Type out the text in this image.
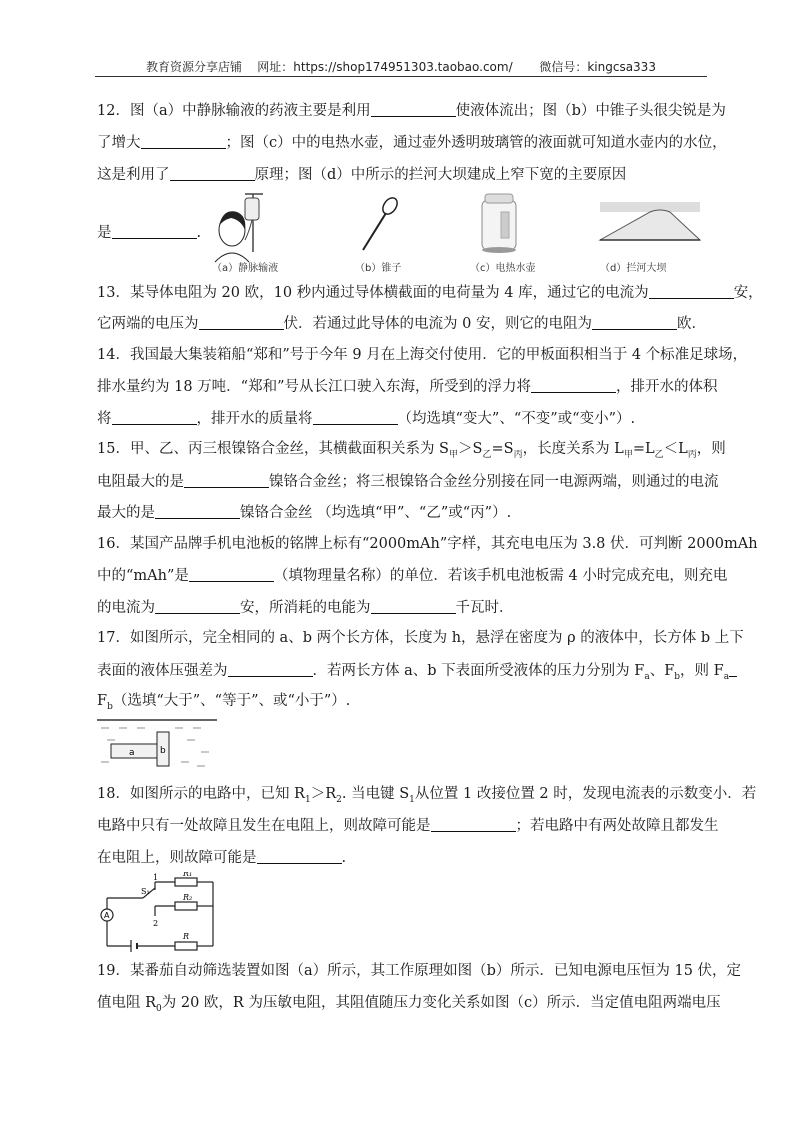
教育资源分享店铺    网址：https://shop174951303.taobao.com/       微信号：kingcsa333
12．图（a）中静脉输液的药液主要是利用	使液体流出；图（b）中锥子头很尖锐是为
了增大	；图（c）中的电热水壶，通过壶外透明玻璃管的液面就可知道水壶内的水位，
这是利用了	原理；图（d）中所示的拦河大坝建成上窄下宽的主要原因
是	.
（a）静脉输液	（b）锥子	（c）电热水壶	（d）拦河大坝
13．某导体电阻为 20 欧，10 秒内通过导体横截面的电荷量为 4 库，通过它的电流为	安，
它两端的电压为	伏．若通过此导体的电流为 0 安，则它的电阻为	欧．
14．我国最大集装箱船“郑和”号于今年 9 月在上海交付使用．它的甲板面积相当于 4 个标准足球场，
排水量约为 18 万吨．“郑和”号从长江口驶入东海，所受到的浮力将	，排开水的体积
将	，排开水的质量将	（均选填“变大”、“不变”或“变小”）.
15．甲、乙、丙三根镍铬合金丝，其横截面积关系为 $S_甲>S_乙=S_丙$，长度关系为 $L_甲=L_乙<L_丙$，则
电阻最大的是	镍铬合金丝；将三根镍铬合金丝分别接在同一电源两端，则通过的电流
最大的是	镍铬合金丝 （均选填“甲”、“乙”或“丙”）.
16．某国产品牌手机电池板的铭牌上标有“2000mAh”字样，其充电电压为 3.8 伏．可判断 2000mAh
中的“mAh”是	（填物理量名称）的单位．若该手机电池板需 4 小时完成充电，则充电
的电流为	安，所消耗的电能为	千瓦时．
17．如图所示，完全相同的 a、b 两个长方体，长度为 h，悬浮在密度为 ρ 的液体中，长方体 b 上下
表面的液体压强差为	．若两长方体 a、b 下表面所受液体的压力分别为 $F_a$、$F_b$，则 $F_a$
$F_b$（选填“大于”、“等于”、或“小于”）.
a	b
18．如图所示的电路中，已知 $R_1>R_2$. 当电键 $S_1$从位置 1 改接位置 2 时，发现电流表的示数变小．若
电路中只有一处故障且发生在电阻上，则故障可能是	；若电路中有两处故障且都发生
在电阻上，则故障可能是	.
A
S₁
1
2
R₁
R₂
R
19．某番茄自动筛选装置如图（a）所示，其工作原理如图（b）所示．已知电源电压恒为 15 伏，定
值电阻 $R_0$为 20 欧，R 为压敏电阻，其阻值随压力变化关系如图（c）所示．当定值电阻两端电压
